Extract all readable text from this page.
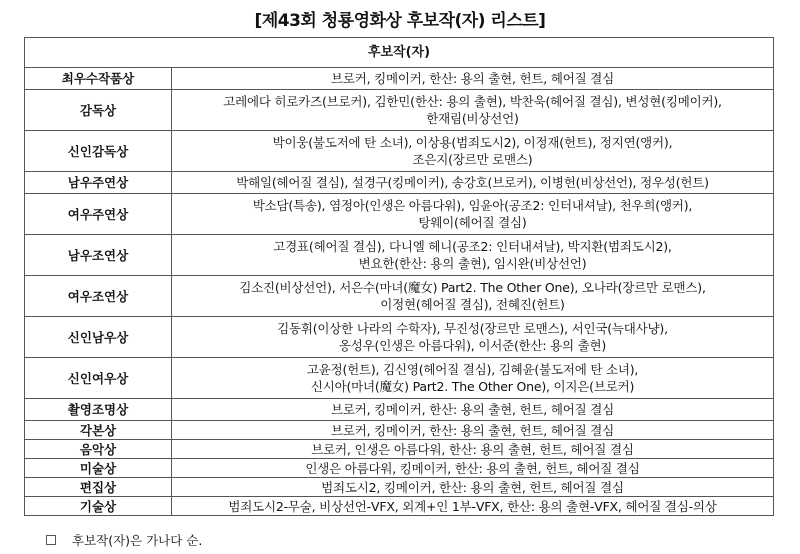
[제43회 청룡영화상 후보작(자) 리스트]
후보작(자)	
최우수작품상	브로커, 킹메이커, 한산: 용의 출현, 헌트, 헤어질 결심
감독상	고레에다 히로카즈(브로커), 김한민(한산: 용의 출현), 박찬욱(헤어질 결심), 변성현(킹메이커),
한재림(비상선언)
신인감독상	박이웅(불도저에 탄 소녀), 이상용(범죄도시2), 이정재(헌트), 정지연(앵커),
조은지(장르만 로맨스)
남우주연상	박해일(헤어질 결심), 설경구(킹메이커), 송강호(브로커), 이병헌(비상선언), 정우성(헌트)
여우주연상	박소담(특송), 염정아(인생은 아름다워), 임윤아(공조2: 인터내셔날), 천우희(앵커),
탕웨이(헤어질 결심)
남우조연상	고경표(헤어질 결심), 다니엘 헤니(공조2: 인터내셔날), 박지환(범죄도시2),
변요한(한산: 용의 출현), 임시완(비상선언)
여우조연상	김소진(비상선언), 서은수(마녀(魔女) Part2. The Other One), 오나라(장르만 로맨스),
이정현(헤어질 결심), 전혜진(헌트)
신인남우상	김동휘(이상한 나라의 수학자), 무진성(장르만 로맨스), 서인국(늑대사냥),
옹성우(인생은 아름다워), 이서준(한산: 용의 출현)
신인여우상	고윤정(헌트), 김신영(헤어질 결심), 김혜윤(불도저에 탄 소녀),
신시아(마녀(魔女) Part2. The Other One), 이지은(브로커)
촬영조명상	브로커, 킹메이커, 한산: 용의 출현, 헌트, 헤어질 결심
각본상	브로커, 킹메이커, 한산: 용의 출현, 헌트, 헤어질 결심
음악상	브로커, 인생은 아름다워, 한산: 용의 출현, 헌트, 헤어질 결심
미술상	인생은 아름다워, 킹메이커, 한산: 용의 출현, 헌트, 헤어질 결심
편집상	범죄도시2, 킹메이커, 한산: 용의 출현, 헌트, 헤어질 결심
기술상	범죄도시2-무술, 비상선언-VFX, 외계+인 1부-VFX, 한산: 용의 출현-VFX, 헤어질 결심-의상
후보작(자)은 가나다 순.
